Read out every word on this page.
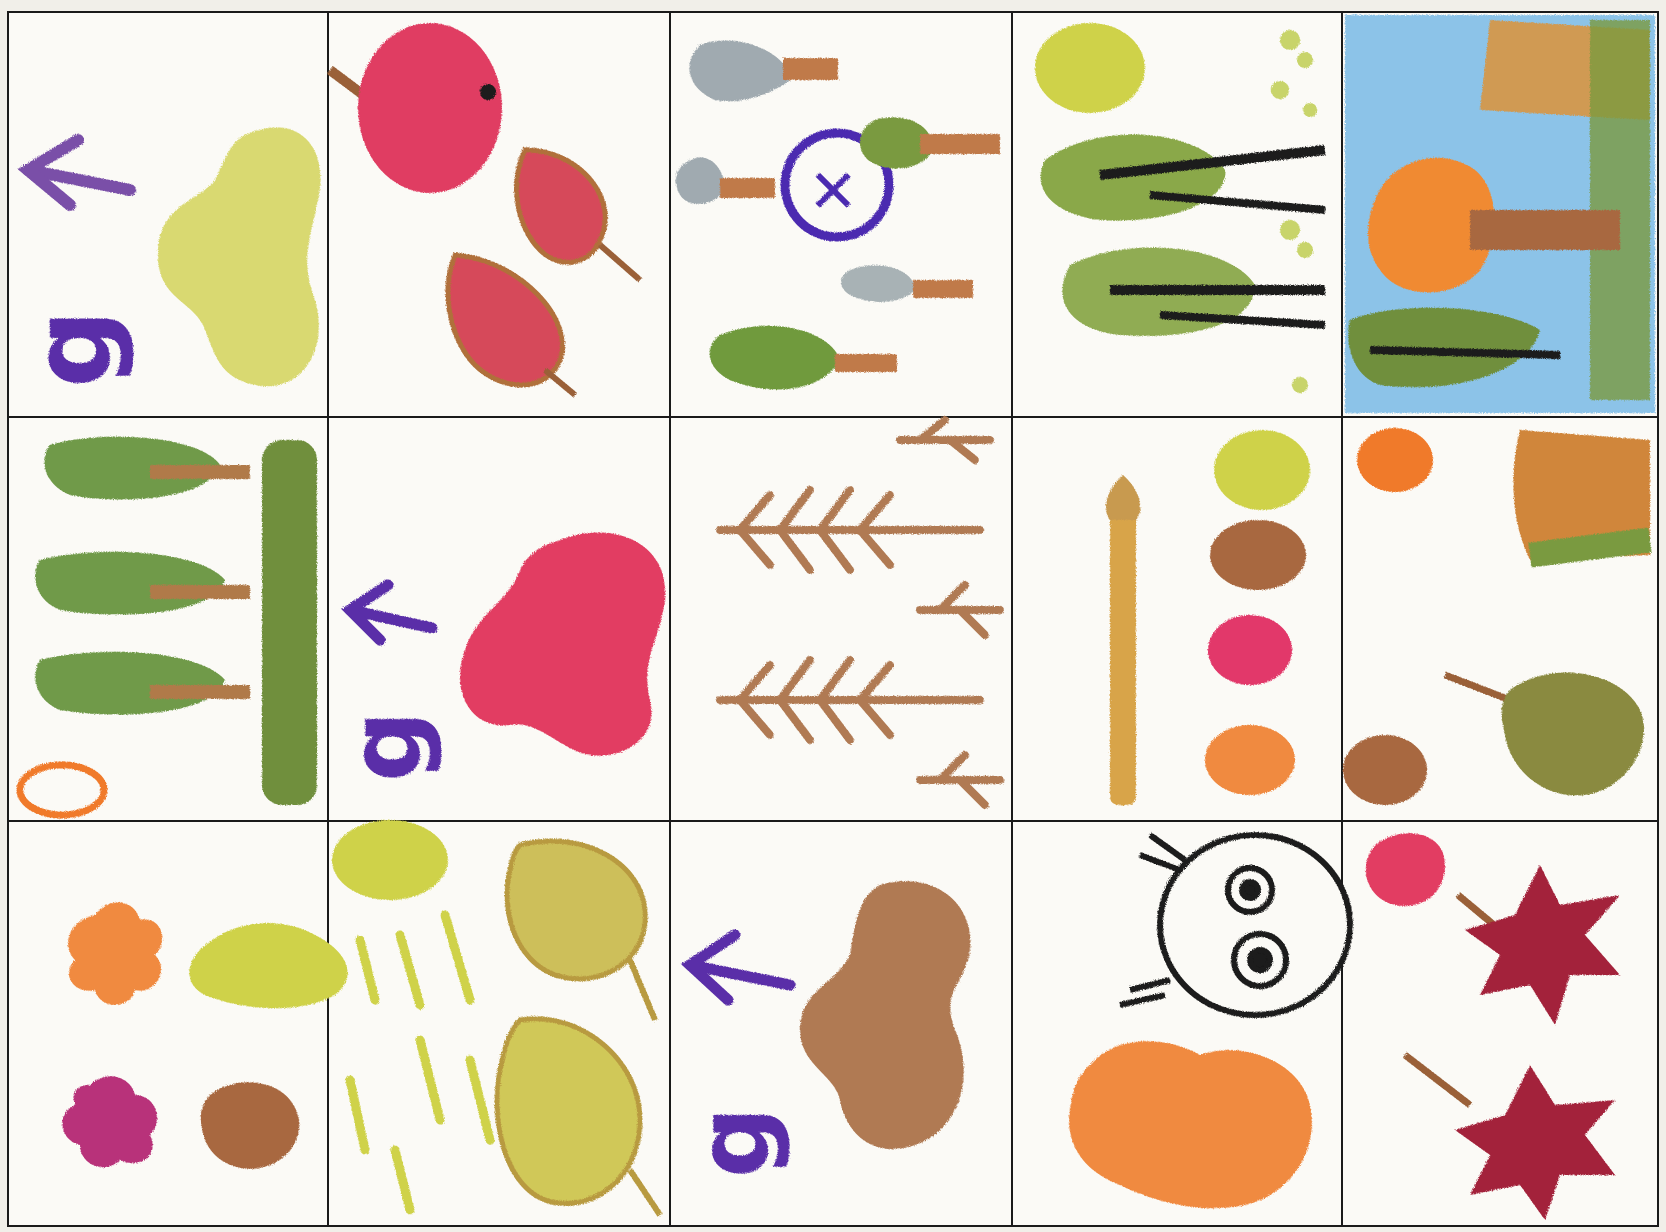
g
✕
g
g
